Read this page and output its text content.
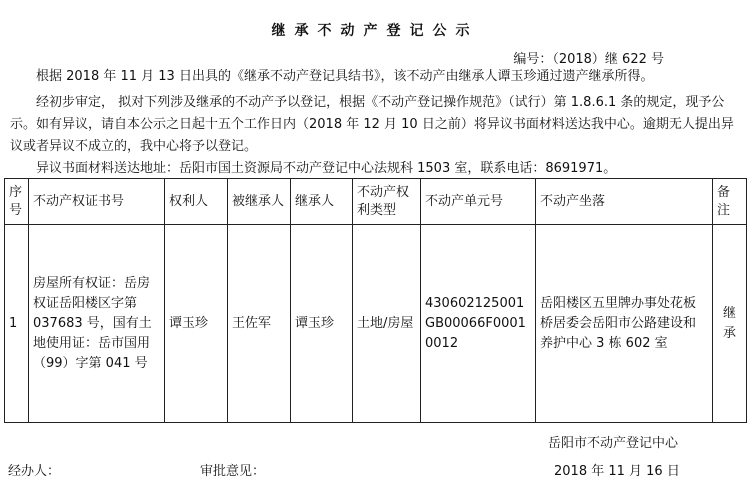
继承不动产登记公示
编号：（2018）继 622 号
根据 2018 年 11 月 13 日出具的《继承不动产登记具结书》，该不动产由继承人谭玉珍通过遗产继承所得。
经初步审定， 拟对下列涉及继承的不动产予以登记，根据《不动产登记操作规范》（试行）第 1.8.6.1 条的规定，现予公示。如有异议，请自本公示之日起十五个工作日内（2018 年 12 月 10 日之前）将异议书面材料送达我中心。逾期无人提出异议或者异议不成立的，我中心将予以登记。
异议书面材料送达地址：岳阳市国土资源局不动产登记中心法规科 1503 室，联系电话：8691971。
序号	不动产权证书号	权利人	被继承人	继承人	不动产权利类型	不动产单元号	不动产坐落	备注
1	房屋所有权证：岳房权证岳阳楼区字第 037683 号，国有土地使用证：岳市国用（99）字第 041 号	谭玉珍	王佐军	谭玉珍	土地/房屋	430602125001GB00066F00010012	岳阳楼区五里牌办事处花板桥居委会岳阳市公路建设和养护中心 3 栋 602 室	继承
岳阳市不动产登记中心
经办人：	审批意见：	2018 年 11 月 16 日
